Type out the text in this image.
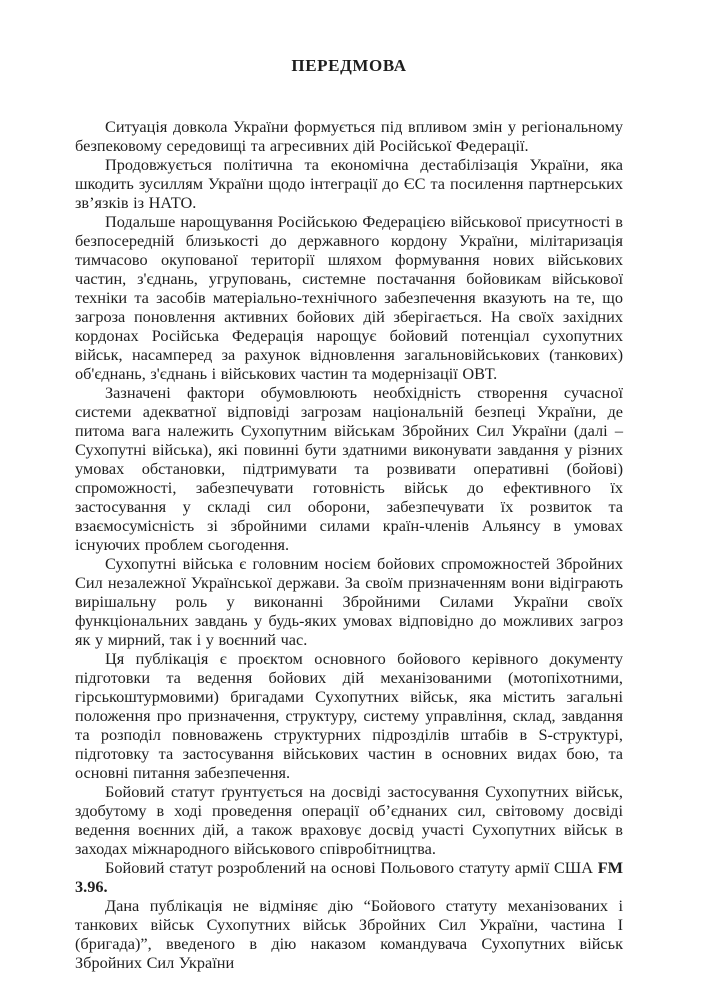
ПЕРЕДМОВА

Ситуація довкола України формується під впливом змін у регіональному безпековому середовищі та агресивних дій Російської Федерації.

Продовжується політична та економічна дестабілізація України, яка шкодить зусиллям України щодо інтеграції до ЄС та посилення партнерських зв’язків із НАТО.

Подальше нарощування Російською Федерацією військової присутності в безпосередній близькості до державного кордону України, мілітаризація тимчасово окупованої території шляхом формування нових військових частин, з'єднань, угруповань, системне постачання бойовикам військової техніки та засобів матеріально-технічного забезпечення вказують на те, що загроза поновлення активних бойових дій зберігається. На своїх західних кордонах Російська Федерація нарощує бойовий потенціал сухопутних військ, насамперед за рахунок відновлення загальновійськових (танкових) об'єднань, з'єднань і військових частин та модернізації ОВТ.

Зазначені фактори обумовлюють необхідність створення сучасної системи адекватної відповіді загрозам національній безпеці України, де питома вага належить Сухопутним військам Збройних Сил України (далі – Сухопутні війська), які повинні бути здатними виконувати завдання у різних умовах обстановки, підтримувати та розвивати оперативні (бойові) спроможності, забезпечувати готовність військ до ефективного їх застосування у складі сил оборони, забезпечувати їх розвиток та взаємосумісність зі збройними силами країн-членів Альянсу в умовах існуючих проблем сьогодення.

Сухопутні війська є головним носієм бойових спроможностей Збройних Сил незалежної Української держави. За своїм призначенням вони відіграють вирішальну роль у виконанні Збройними Силами України своїх функціональних завдань у будь-яких умовах відповідно до можливих загроз як у мирний, так і у воєнний час.

Ця публікація є проєктом основного бойового керівного документу підготовки та ведення бойових дій механізованими (мотопіхотними, гірськоштурмовими) бригадами Сухопутних військ, яка містить загальні положення про призначення, структуру, систему управління, склад, завдання та розподіл повноважень структурних підрозділів штабів в S-структурі, підготовку та застосування військових частин в основних видах бою, та основні питання забезпечення.

Бойовий статут ґрунтується на досвіді застосування Сухопутних військ, здобутому в ході проведення операції об’єднаних сил, світовому досвіді ведення воєнних дій, а також враховує досвід участі Сухопутних військ в заходах міжнародного військового співробітництва.

Бойовий статут розроблений на основі Польового статуту армії США FM 3.96.

Дана публікація не відміняє дію “Бойового статуту механізованих і танкових військ Сухопутних військ Збройних Сил України, частина І (бригада)”, введеного в дію наказом командувача Сухопутних військ Збройних Сил України
